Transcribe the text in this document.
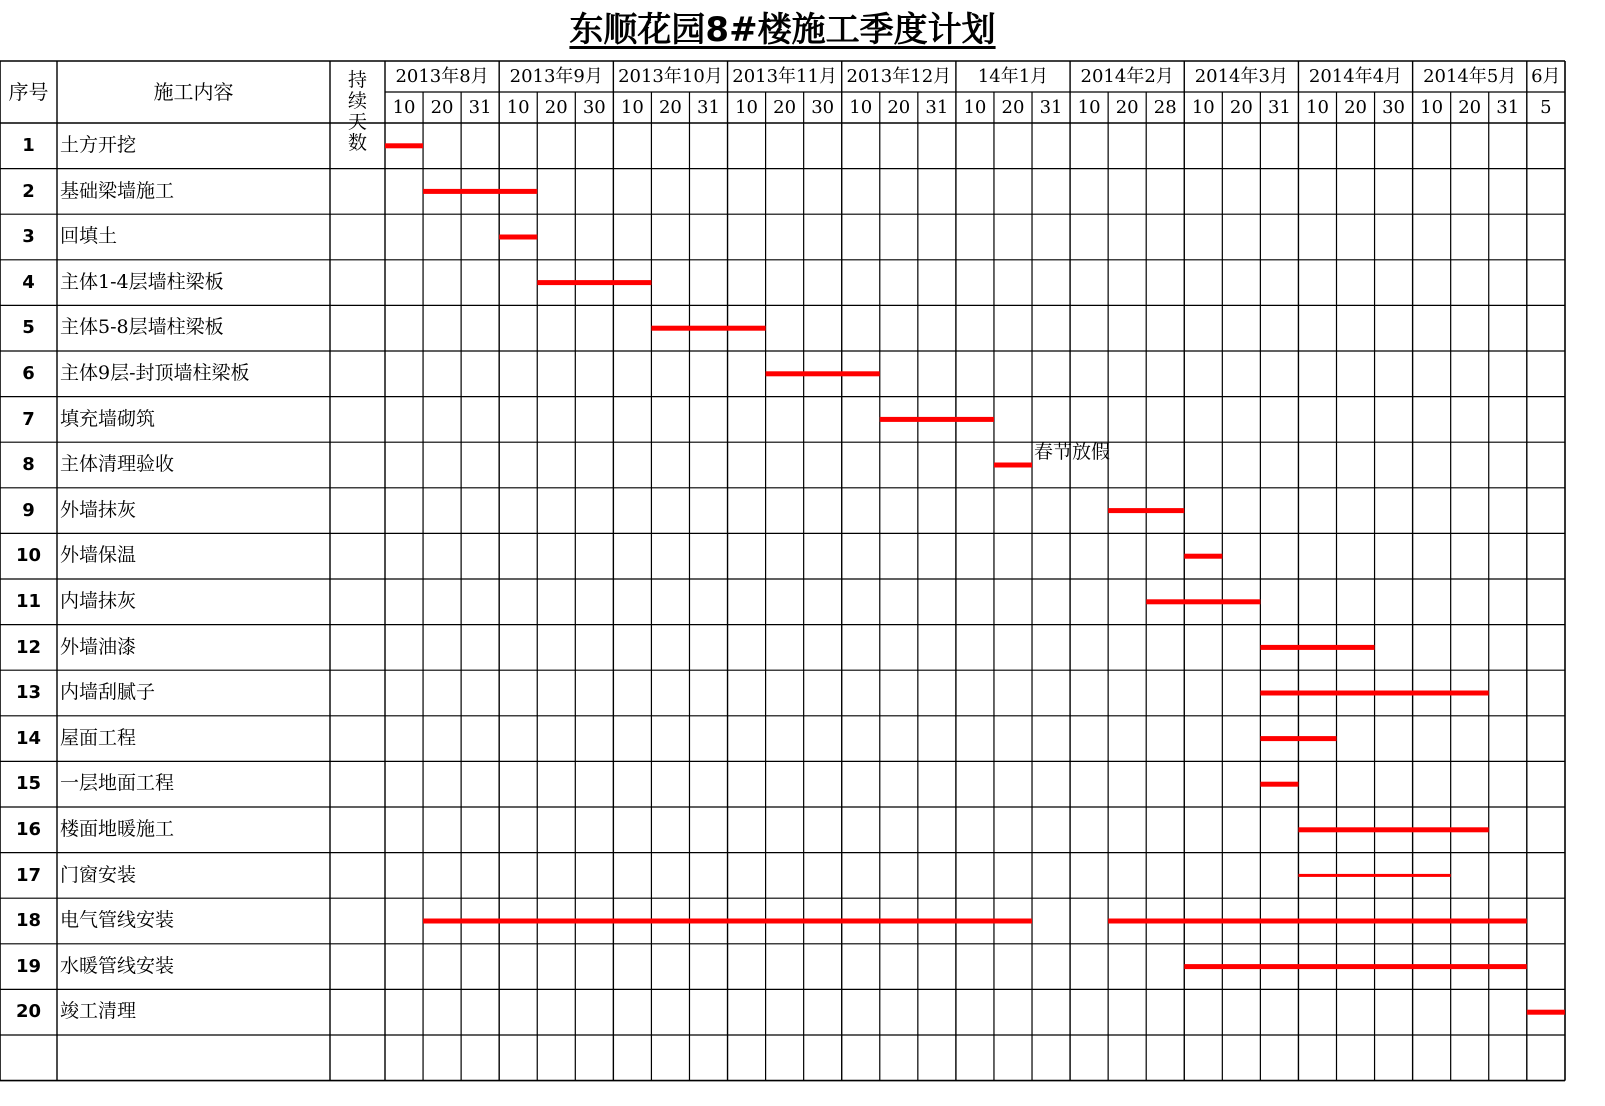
东顺花园8#楼施工季度计划
序号	施工内容	持续天数
2013年8月
10 20 31
2013年9月
10 20 30
2013年10月
10 20 31
2013年11月
10 20 30
2013年12月
10 20 31
14年1月
10 20 31
2014年2月
10 20 28
2014年3月
10 20 31
2014年4月
10 20 30
2014年5月
10 20 31
6月
5
1	土方开挖
2	基础梁墙施工
3	回填土
4	主体1-4层墙柱梁板
5	主体5-8层墙柱梁板
6	主体9层-封顶墙柱梁板
7	填充墙砌筑
8	主体清理验收
9	外墙抹灰
10 外墙保温
11 内墙抹灰
12 外墙油漆
13 内墙刮腻子
14 屋面工程
15 一层地面工程
16 楼面地暖施工
17 门窗安装
18 电气管线安装
19 水暖管线安装
20 竣工清理
春节放假
